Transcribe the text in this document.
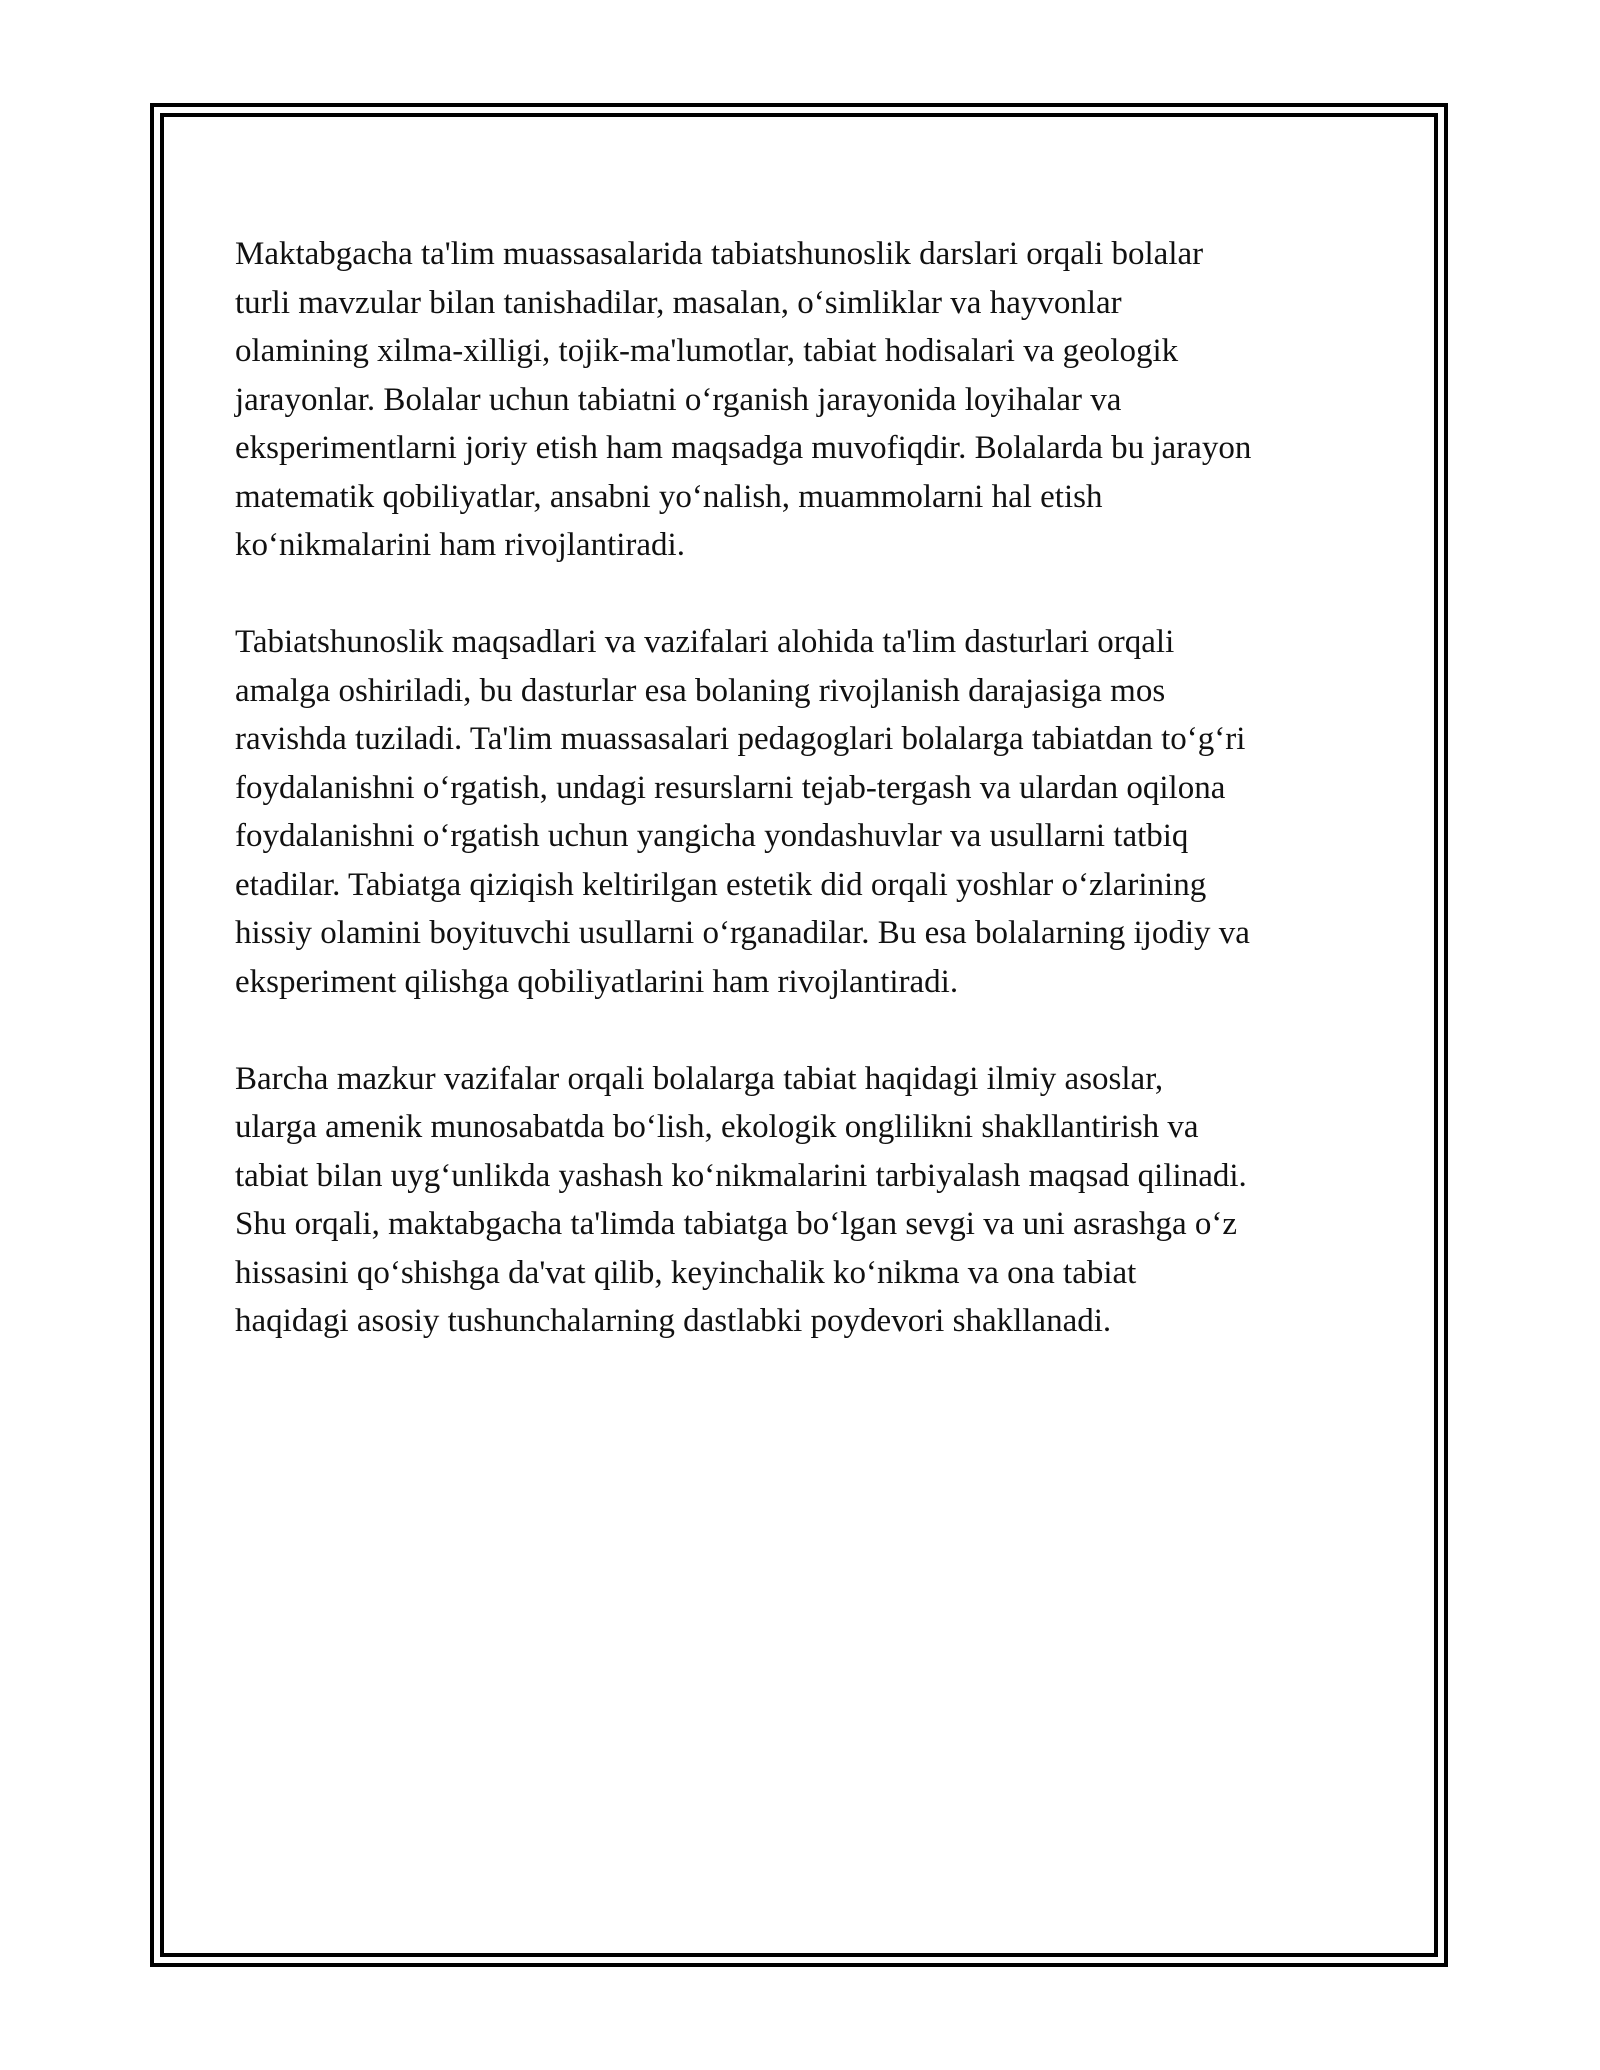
Maktabgacha ta'lim muassasalarida tabiatshunoslik darslari orqali bolalar
turli mavzular bilan tanishadilar, masalan, o‘simliklar va hayvonlar
olamining xilma-xilligi, tojik-ma'lumotlar, tabiat hodisalari va geologik
jarayonlar. Bolalar uchun tabiatni o‘rganish jarayonida loyihalar va
eksperimentlarni joriy etish ham maqsadga muvofiqdir. Bolalarda bu jarayon
matematik qobiliyatlar, ansabni yo‘nalish, muammolarni hal etish
ko‘nikmalarini ham rivojlantiradi.

Tabiatshunoslik maqsadlari va vazifalari alohida ta'lim dasturlari orqali
amalga oshiriladi, bu dasturlar esa bolaning rivojlanish darajasiga mos
ravishda tuziladi. Ta'lim muassasalari pedagoglari bolalarga tabiatdan to‘g‘ri
foydalanishni o‘rgatish, undagi resurslarni tejab-tergash va ulardan oqilona
foydalanishni o‘rgatish uchun yangicha yondashuvlar va usullarni tatbiq
etadilar. Tabiatga qiziqish keltirilgan estetik did orqali yoshlar o‘zlarining
hissiy olamini boyituvchi usullarni o‘rganadilar. Bu esa bolalarning ijodiy va
eksperiment qilishga qobiliyatlarini ham rivojlantiradi.

Barcha mazkur vazifalar orqali bolalarga tabiat haqidagi ilmiy asoslar,
ularga amenik munosabatda bo‘lish, ekologik onglilikni shakllantirish va
tabiat bilan uyg‘unlikda yashash ko‘nikmalarini tarbiyalash maqsad qilinadi.
Shu orqali, maktabgacha ta'limda tabiatga bo‘lgan sevgi va uni asrashga o‘z
hissasini qo‘shishga da'vat qilib, keyinchalik ko‘nikma va ona tabiat
haqidagi asosiy tushunchalarning dastlabki poydevori shakllanadi.
